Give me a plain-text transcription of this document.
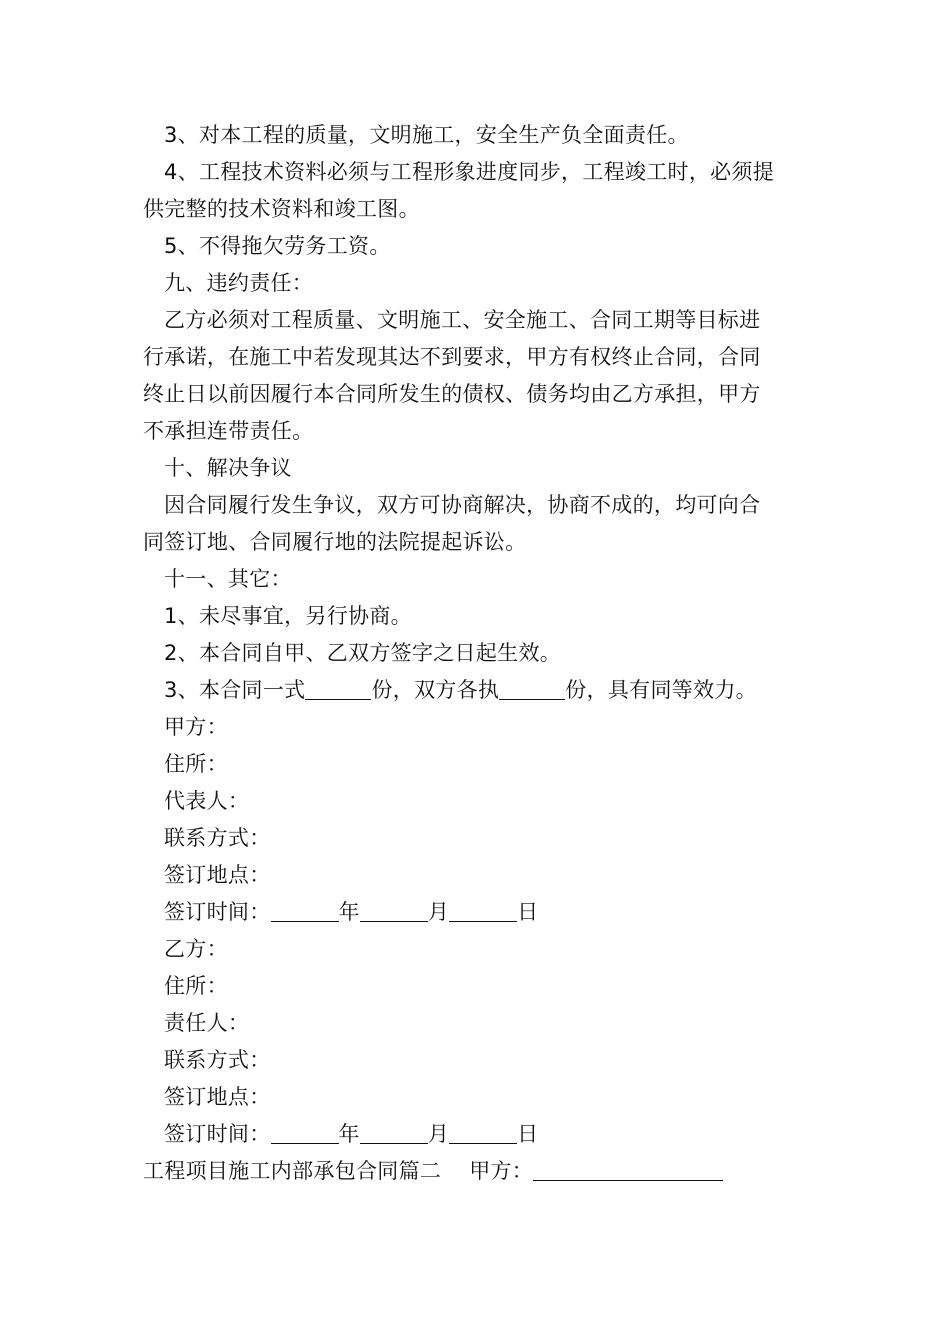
3、对本工程的质量，文明施工，安全生产负全面责任。
4、工程技术资料必须与工程形象进度同步，工程竣工时，必须提
供完整的技术资料和竣工图。
5、不得拖欠劳务工资。
九、违约责任：
乙方必须对工程质量、文明施工、安全施工、合同工期等目标进
行承诺，在施工中若发现其达不到要求，甲方有权终止合同，合同
终止日以前因履行本合同所发生的债权、债务均由乙方承担，甲方
不承担连带责任。
十、解决争议
因合同履行发生争议，双方可协商解决，协商不成的，均可向合
同签订地、合同履行地的法院提起诉讼。
十一、其它：
1、未尽事宜，另行协商。
2、本合同自甲、乙双方签字之日起生效。
3、本合同一式	份，双方各执	份，具有同等效力。
甲方：
住所：
代表人：
联系方式：
签订地点：
签订时间：	年	月	日
乙方：
住所：
责任人：
联系方式：
签订地点：
签订时间：	年	月	日
工程项目施工内部承包合同篇二 甲方：
